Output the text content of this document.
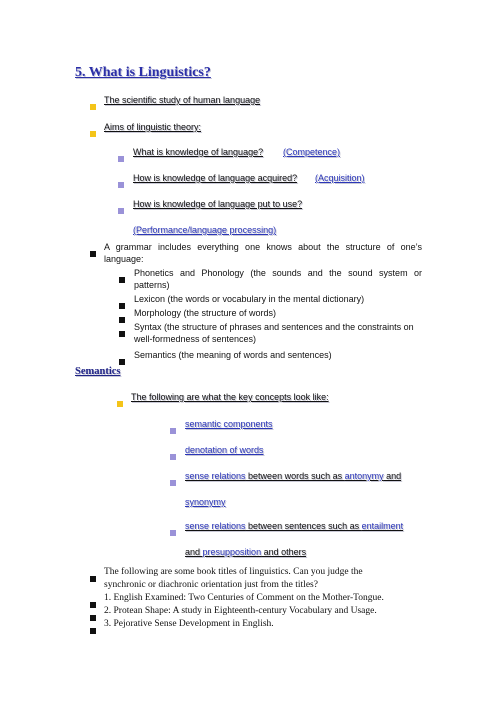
5. What is Linguistics?
The scientific study of human language
Aims of linguistic theory:
What is knowledge of language? (Competence)
How is knowledge of language acquired? (Acquisition)
How is knowledge of language put to use?
(Performance/language processing)
A grammar includes everything one knows about the structure of one’s language:
Phonetics and Phonology (the sounds and the sound system or patterns)
Lexicon (the words or vocabulary in the mental dictionary)
Morphology (the structure of words)
Syntax (the structure of phrases and sentences and the constraints on well-formedness of sentences)
Semantics (the meaning of words and sentences)
Semantics
The following are what the key concepts look like:
semantic components
denotation of words
sense relations between words such as antonymy and
synonymy
sense relations between sentences such as entailment
and presupposition and others
The following are some book titles of linguistics. Can you judge the
synchronic or diachronic orientation just from the titles?
1. English Examined: Two Centuries of Comment on the Mother-Tongue.
2. Protean Shape: A study in Eighteenth-century Vocabulary and Usage.
3. Pejorative Sense Development in English.
